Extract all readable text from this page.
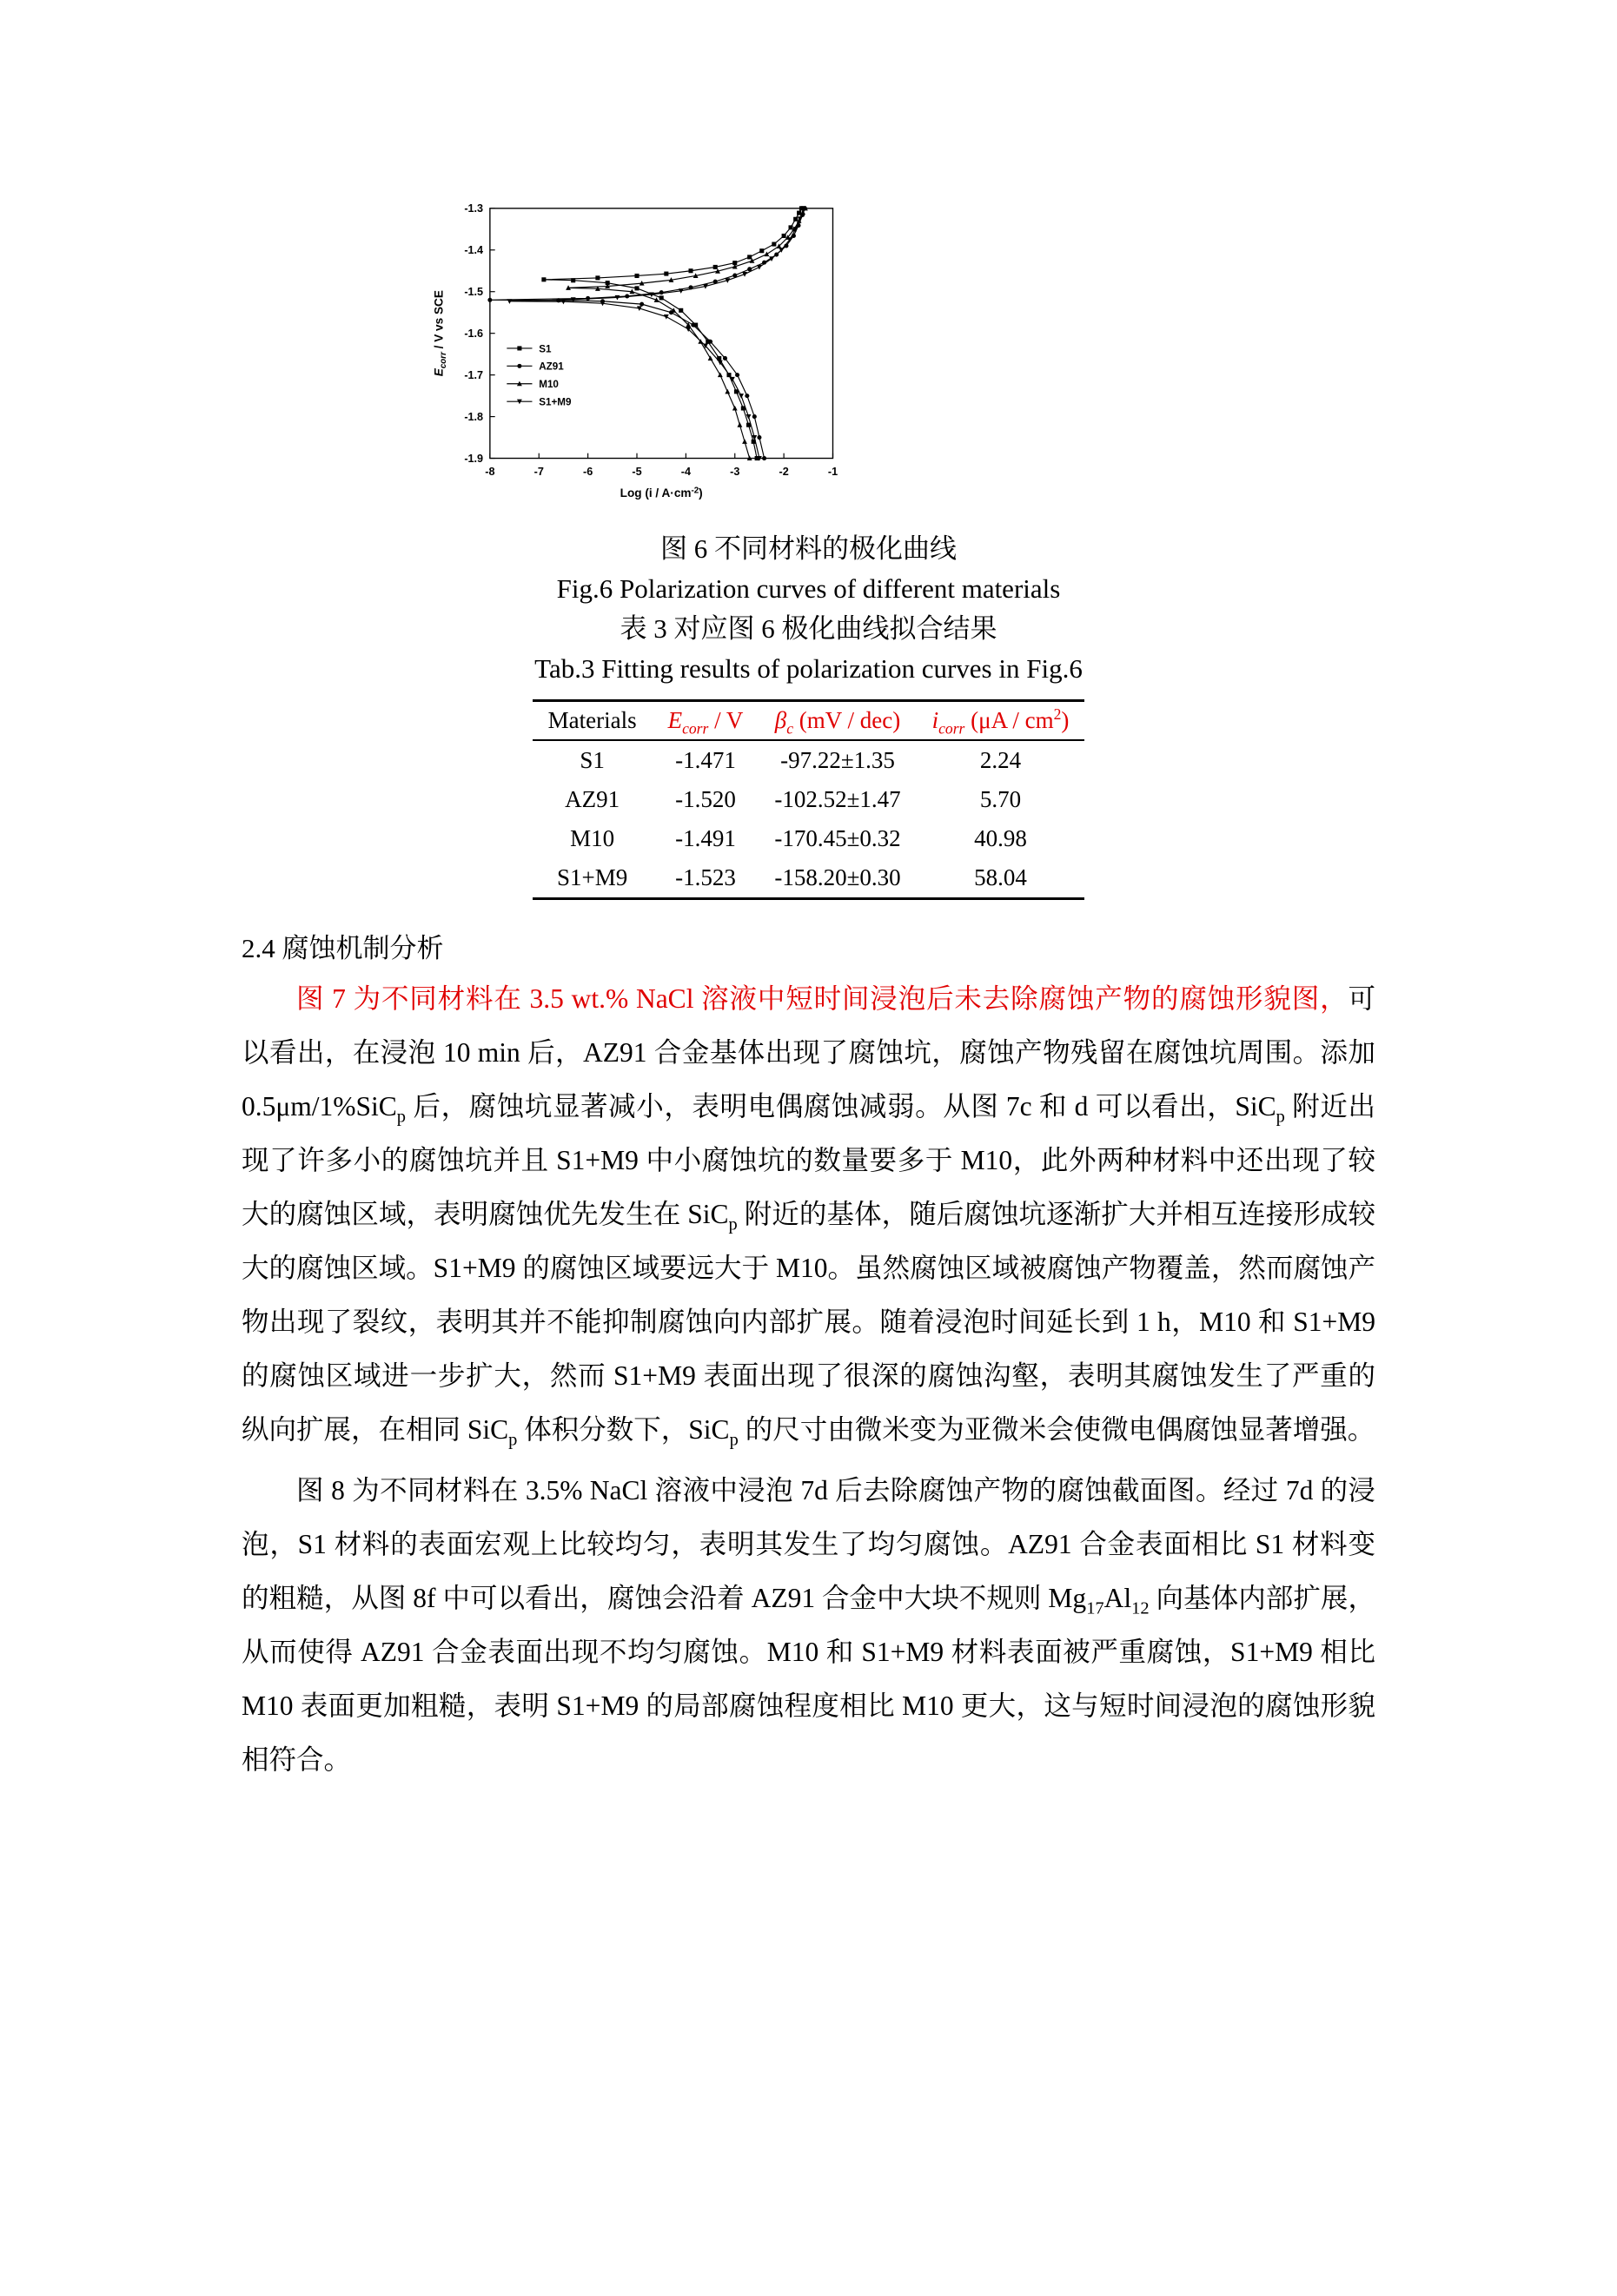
-8	-7	-6	-5	-4	-3	-2	-1
-1.9
-1.8
-1.7
-1.6
-1.5
-1.4
-1.3
S1
AZ91
M10
S1+M9
Log $(i / A\cdot cm^{-2})$
$E_{corr}$ / V vs SCE
图 6 不同材料的极化曲线
Fig.6 Polarization curves of different materials
表 3 对应图 6 极化曲线拟合结果
Tab.3 Fitting results of polarization curves in Fig.6
Materials	$E_{corr}$ / V	$\beta_c$ (mV / dec)	$i_{corr}$ $(\mu A / cm^2)$
S1	-1.471	-97.22±1.35	2.24
AZ91	-1.520	-102.52±1.47	5.70
M10	-1.491	-170.45±0.32	40.98
S1+M9	-1.523	-158.20±0.30	58.04
2.4 腐蚀机制分析

图 7 为不同材料在 3.5 wt.% NaCl 溶液中短时间浸泡后未去除腐蚀产物的腐蚀形貌图，可以看出，在浸泡 10 min 后，AZ91 合金基体出现了腐蚀坑，腐蚀产物残留在腐蚀坑周围。添加 0.5μm/1%SiC$_p$ 后，腐蚀坑显著减小，表明电偶腐蚀减弱。从图 7c 和 d 可以看出，SiC$_p$ 附近出现了许多小的腐蚀坑并且 S1+M9 中小腐蚀坑的数量要多于 M10，此外两种材料中还出现了较大的腐蚀区域，表明腐蚀优先发生在 SiC$_p$ 附近的基体，随后腐蚀坑逐渐扩大并相互连接形成较大的腐蚀区域。S1+M9 的腐蚀区域要远大于 M10。虽然腐蚀区域被腐蚀产物覆盖，然而腐蚀产物出现了裂纹，表明其并不能抑制腐蚀向内部扩展。随着浸泡时间延长到 1 h，M10 和 S1+M9 的腐蚀区域进一步扩大，然而 S1+M9 表面出现了很深的腐蚀沟壑，表明其腐蚀发生了严重的纵向扩展，在相同 SiC$_p$ 体积分数下，SiC$_p$ 的尺寸由微米变为亚微米会使微电偶腐蚀显著增强。

图 8 为不同材料在 3.5% NaCl 溶液中浸泡 7d 后去除腐蚀产物的腐蚀截面图。经过 7d 的浸泡，S1 材料的表面宏观上比较均匀，表明其发生了均匀腐蚀。AZ91 合金表面相比 S1 材料变的粗糙，从图 8f 中可以看出，腐蚀会沿着 AZ91 合金中大块不规则 $Mg_{17}Al_{12}$ 向基体内部扩展，从而使得 AZ91 合金表面出现不均匀腐蚀。M10 和 S1+M9 材料表面被严重腐蚀，S1+M9 相比 M10 表面更加粗糙，表明 S1+M9 的局部腐蚀程度相比 M10 更大，这与短时间浸泡的腐蚀形貌相符合。
